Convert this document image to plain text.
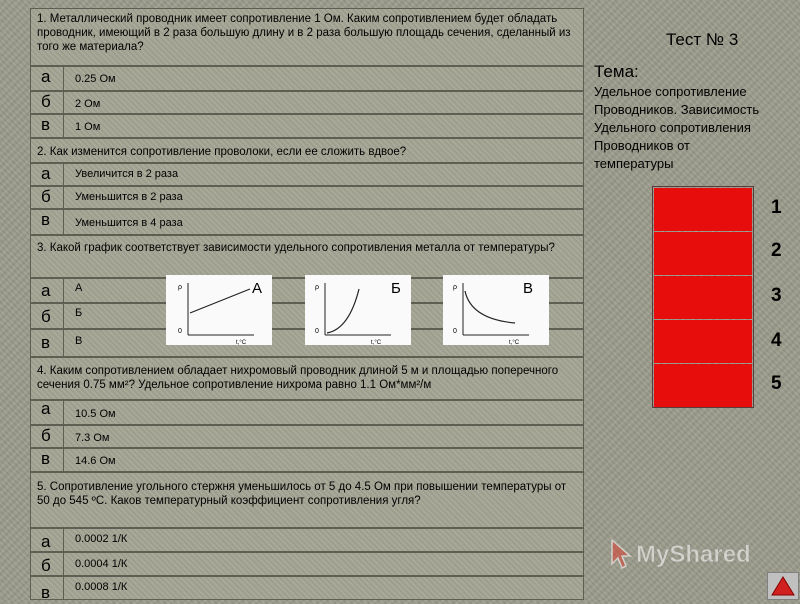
1. Металлический проводник имеет сопротивление 1 Ом. Каким сопротивлением будет обладать проводник, имеющий в 2 раза большую длину и в 2 раза большую площадь сечения, сделанный из того же материала?
а 0.25 Ом
б 2 Ом
в 1 Ом
2. Как изменится сопротивление проволоки, если ее сложить вдвое?
а Увеличится в 2 раза
б Уменьшится в 2 раза
в Уменьшится в 4 раза
3. Какой график соответствует зависимости удельного сопротивления металла от температуры?
а А
б Б
в В
4. Каким сопротивлением обладает нихромовый проводник длиной 5 м и площадью поперечного сечения 0.75 мм²? Удельное сопротивление нихрома равно 1.1 Ом*мм²/м
а 10.5 Ом
б 7.3 Ом
в 14.6 Ом
5. Сопротивление угольного стержня уменьшилось от 5 до 4.5 Ом при повышении температуры от 50 до 545 ºС. Каков температурный коэффициент сопротивления угля?
а 0.0002 1/К
б 0.0004 1/К
в 0.0008 1/К
ρ
0
t,°C
А	ρ
0
t,°C
Б	ρ
0
t,°C
В
Тест № 3
Тема:
Удельное сопротивление
Проводников. Зависимость
Удельного сопротивления
Проводников от
температуры
1
2
3
4
5
MyShared
